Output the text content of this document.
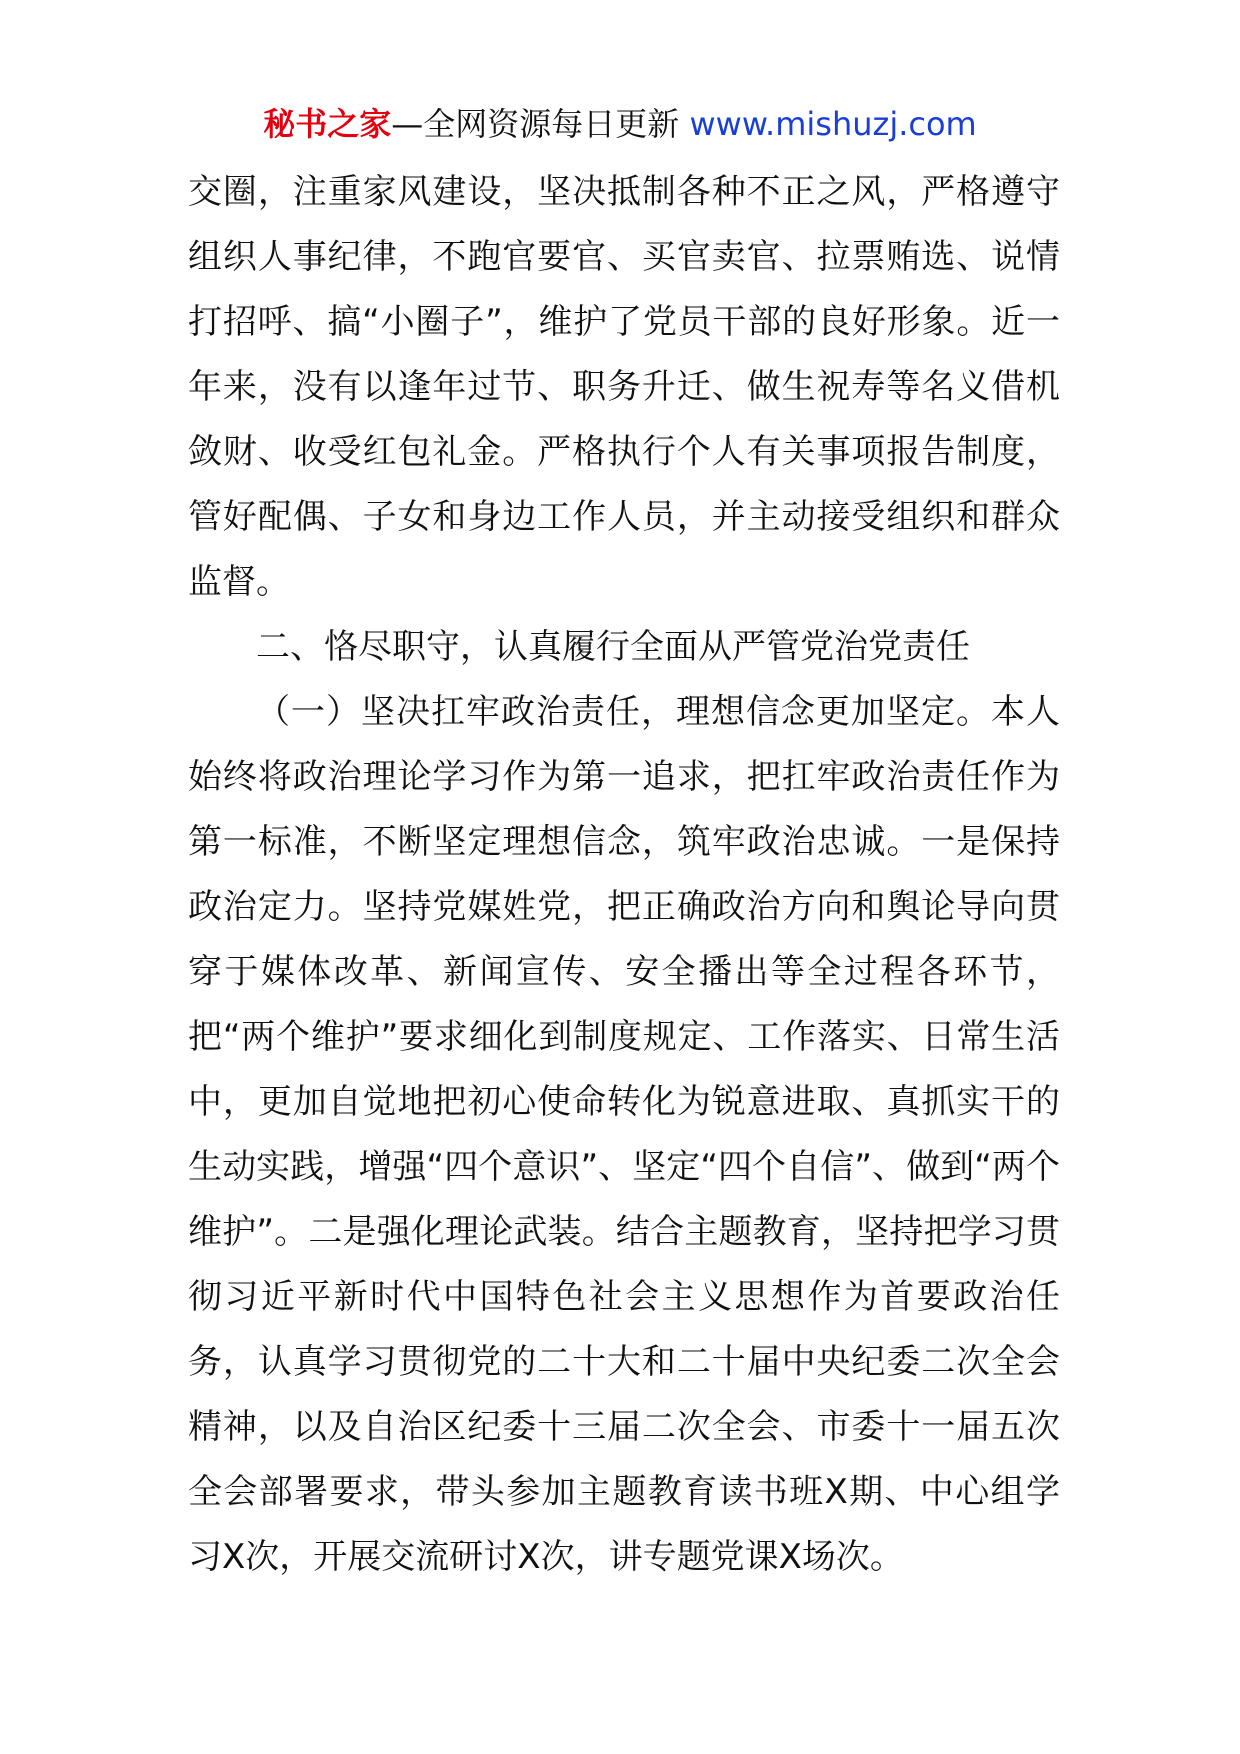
秘书之家—全网资源每日更新 www.mishuzj.com

交圈，注重家风建设，坚决抵制各种不正之风，严格遵守组织人事纪律，不跑官要官、买官卖官、拉票贿选、说情打招呼、搞“小圈子”，维护了党员干部的良好形象。近一年来，没有以逢年过节、职务升迁、做生祝寿等名义借机敛财、收受红包礼金。严格执行个人有关事项报告制度，管好配偶、子女和身边工作人员，并主动接受组织和群众监督。

二、恪尽职守，认真履行全面从严管党治党责任

（一）坚决扛牢政治责任，理想信念更加坚定。本人始终将政治理论学习作为第一追求，把扛牢政治责任作为第一标准，不断坚定理想信念，筑牢政治忠诚。一是保持政治定力。坚持党媒姓党，把正确政治方向和舆论导向贯穿于媒体改革、新闻宣传、安全播出等全过程各环节，把“两个维护”要求细化到制度规定、工作落实、日常生活中，更加自觉地把初心使命转化为锐意进取、真抓实干的生动实践，增强“四个意识”、坚定“四个自信”、做到“两个维护”。二是强化理论武装。结合主题教育，坚持把学习贯彻习近平新时代中国特色社会主义思想作为首要政治任务，认真学习贯彻党的二十大和二十届中央纪委二次全会精神，以及自治区纪委十三届二次全会、市委十一届五次全会部署要求，带头参加主题教育读书班X期、中心组学习X次，开展交流研讨X次，讲专题党课X场次。
